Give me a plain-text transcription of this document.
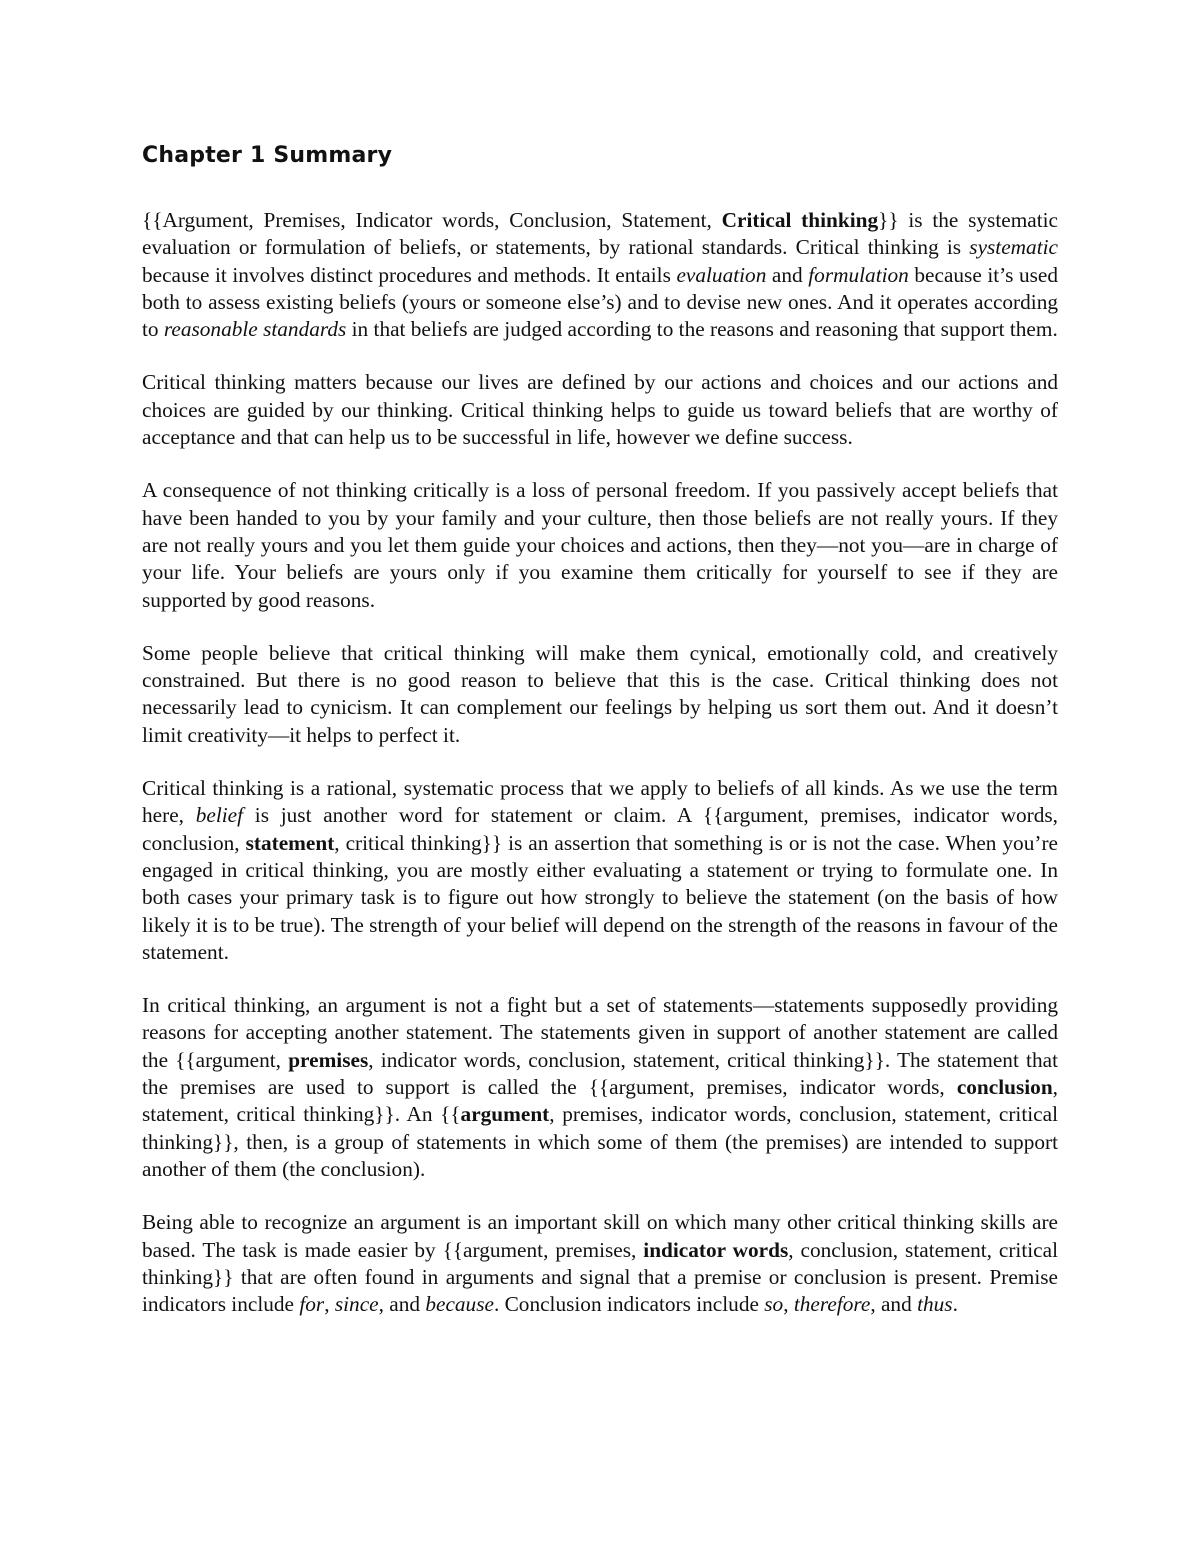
Chapter 1 Summary

{{Argument, Premises, Indicator words, Conclusion, Statement, Critical thinking}} is the systematic evaluation or formulation of beliefs, or statements, by rational standards. Critical thinking is systematic because it involves distinct procedures and methods. It entails evaluation and formulation because it’s used both to assess existing beliefs (yours or someone else’s) and to devise new ones. And it operates according to reasonable standards in that beliefs are judged according to the reasons and reasoning that support them.

Critical thinking matters because our lives are defined by our actions and choices and our actions and choices are guided by our thinking. Critical thinking helps to guide us toward beliefs that are worthy of acceptance and that can help us to be successful in life, however we define success.

A consequence of not thinking critically is a loss of personal freedom. If you passively accept beliefs that have been handed to you by your family and your culture, then those beliefs are not really yours. If they are not really yours and you let them guide your choices and actions, then they—not you—are in charge of your life. Your beliefs are yours only if you examine them critically for yourself to see if they are supported by good reasons.

Some people believe that critical thinking will make them cynical, emotionally cold, and creatively constrained. But there is no good reason to believe that this is the case. Critical thinking does not necessarily lead to cynicism. It can complement our feelings by helping us sort them out. And it doesn’t limit creativity—it helps to perfect it.

Critical thinking is a rational, systematic process that we apply to beliefs of all kinds. As we use the term here, belief is just another word for statement or claim. A {{argument, premises, indicator words, conclusion, statement, critical thinking}} is an assertion that something is or is not the case. When you’re engaged in critical thinking, you are mostly either evaluating a statement or trying to formulate one. In both cases your primary task is to figure out how strongly to believe the statement (on the basis of how likely it is to be true). The strength of your belief will depend on the strength of the reasons in favour of the statement.

In critical thinking, an argument is not a fight but a set of statements—statements supposedly providing reasons for accepting another statement. The statements given in support of another statement are called the {{argument, premises, indicator words, conclusion, statement, critical thinking}}. The statement that the premises are used to support is called the {{argument, premises, indicator words, conclusion, statement, critical thinking}}. An {{argument, premises, indicator words, conclusion, statement, critical thinking}}, then, is a group of statements in which some of them (the premises) are intended to support another of them (the conclusion).

Being able to recognize an argument is an important skill on which many other critical thinking skills are based. The task is made easier by {{argument, premises, indicator words, conclusion, statement, critical thinking}} that are often found in arguments and signal that a premise or conclusion is present. Premise indicators include for, since, and because. Conclusion indicators include so, therefore, and thus.
